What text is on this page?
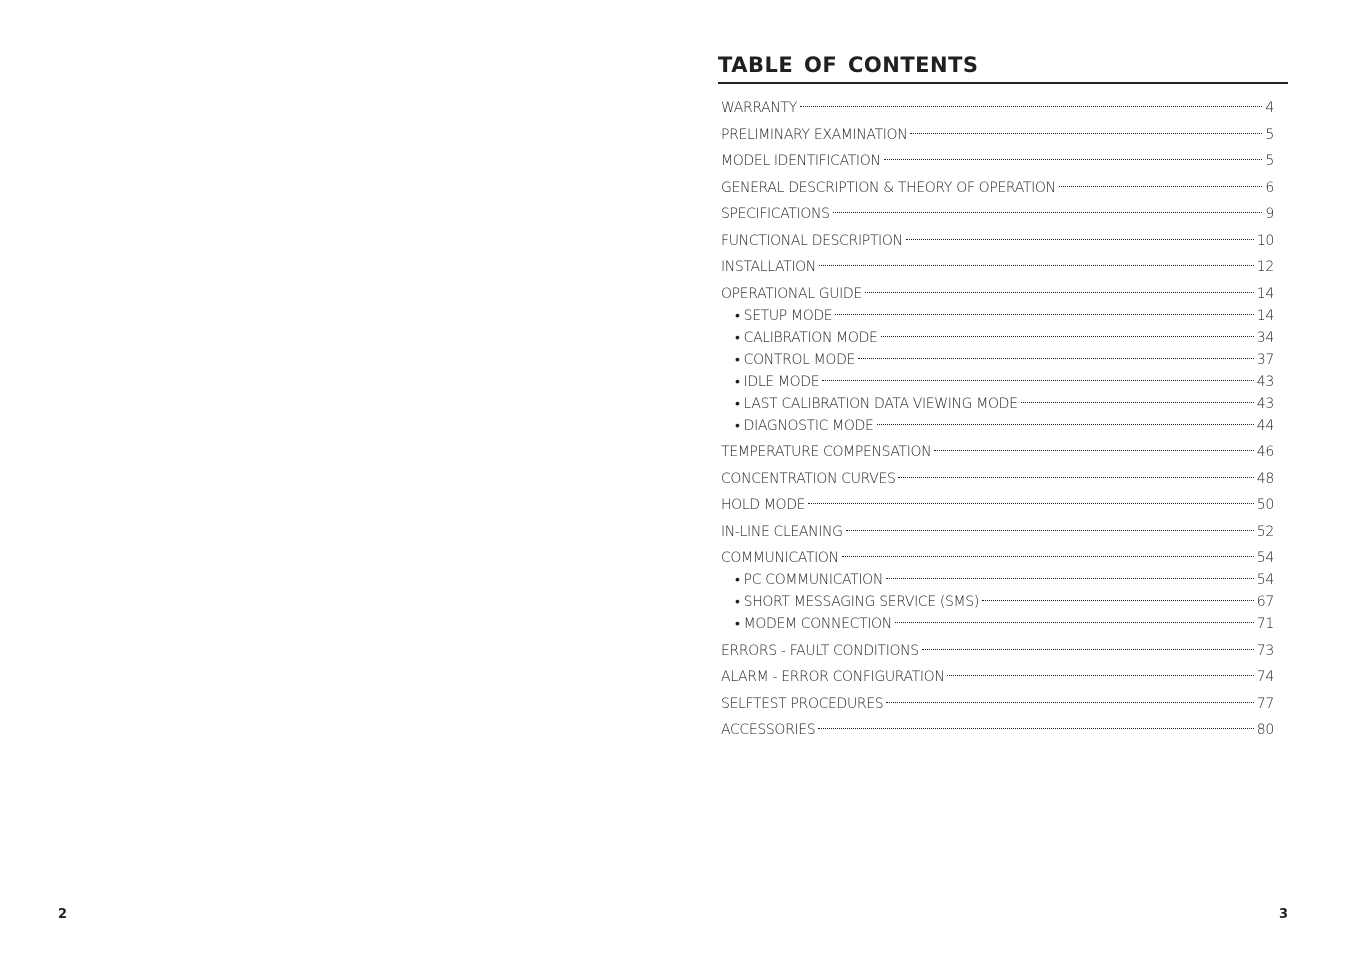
2
TABLE OF CONTENTS
WARRANTY	4
PRELIMINARY EXAMINATION	5
MODEL IDENTIFICATION	5
GENERAL DESCRIPTION & THEORY OF OPERATION	6
SPECIFICATIONS	9
FUNCTIONAL DESCRIPTION	10
INSTALLATION	12
OPERATIONAL GUIDE	14
• SETUP MODE	14
• CALIBRATION MODE	34
• CONTROL MODE	37
• IDLE MODE	43
• LAST CALIBRATION DATA VIEWING MODE	43
• DIAGNOSTIC MODE	44
TEMPERATURE COMPENSATION	46
CONCENTRATION CURVES	48
HOLD MODE	50
IN-LINE CLEANING	52
COMMUNICATION	54
• PC COMMUNICATION	54
• SHORT MESSAGING SERVICE (SMS)	67
• MODEM CONNECTION	71
ERRORS - FAULT CONDITIONS	73
ALARM - ERROR CONFIGURATION	74
SELFTEST PROCEDURES	77
ACCESSORIES	80
3
